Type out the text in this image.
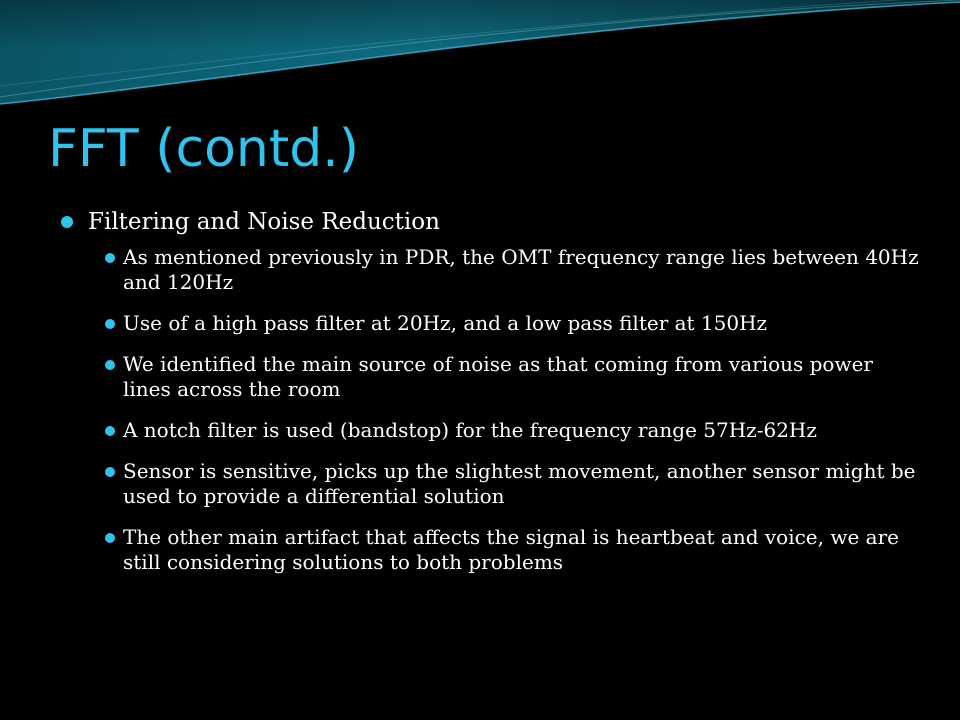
FFT (contd.)
Filtering and Noise Reduction
As mentioned previously in PDR, the OMT frequency range lies between 40Hz and 120Hz
Use of a high pass filter at 20Hz, and a low pass filter at 150Hz
We identified the main source of noise as that coming from various power lines across the room
A notch filter is used (bandstop) for the frequency range 57Hz-62Hz
Sensor is sensitive, picks up the slightest movement, another sensor might be used to provide a differential solution
The other main artifact that affects the signal is heartbeat and voice, we are still considering solutions to both problems
